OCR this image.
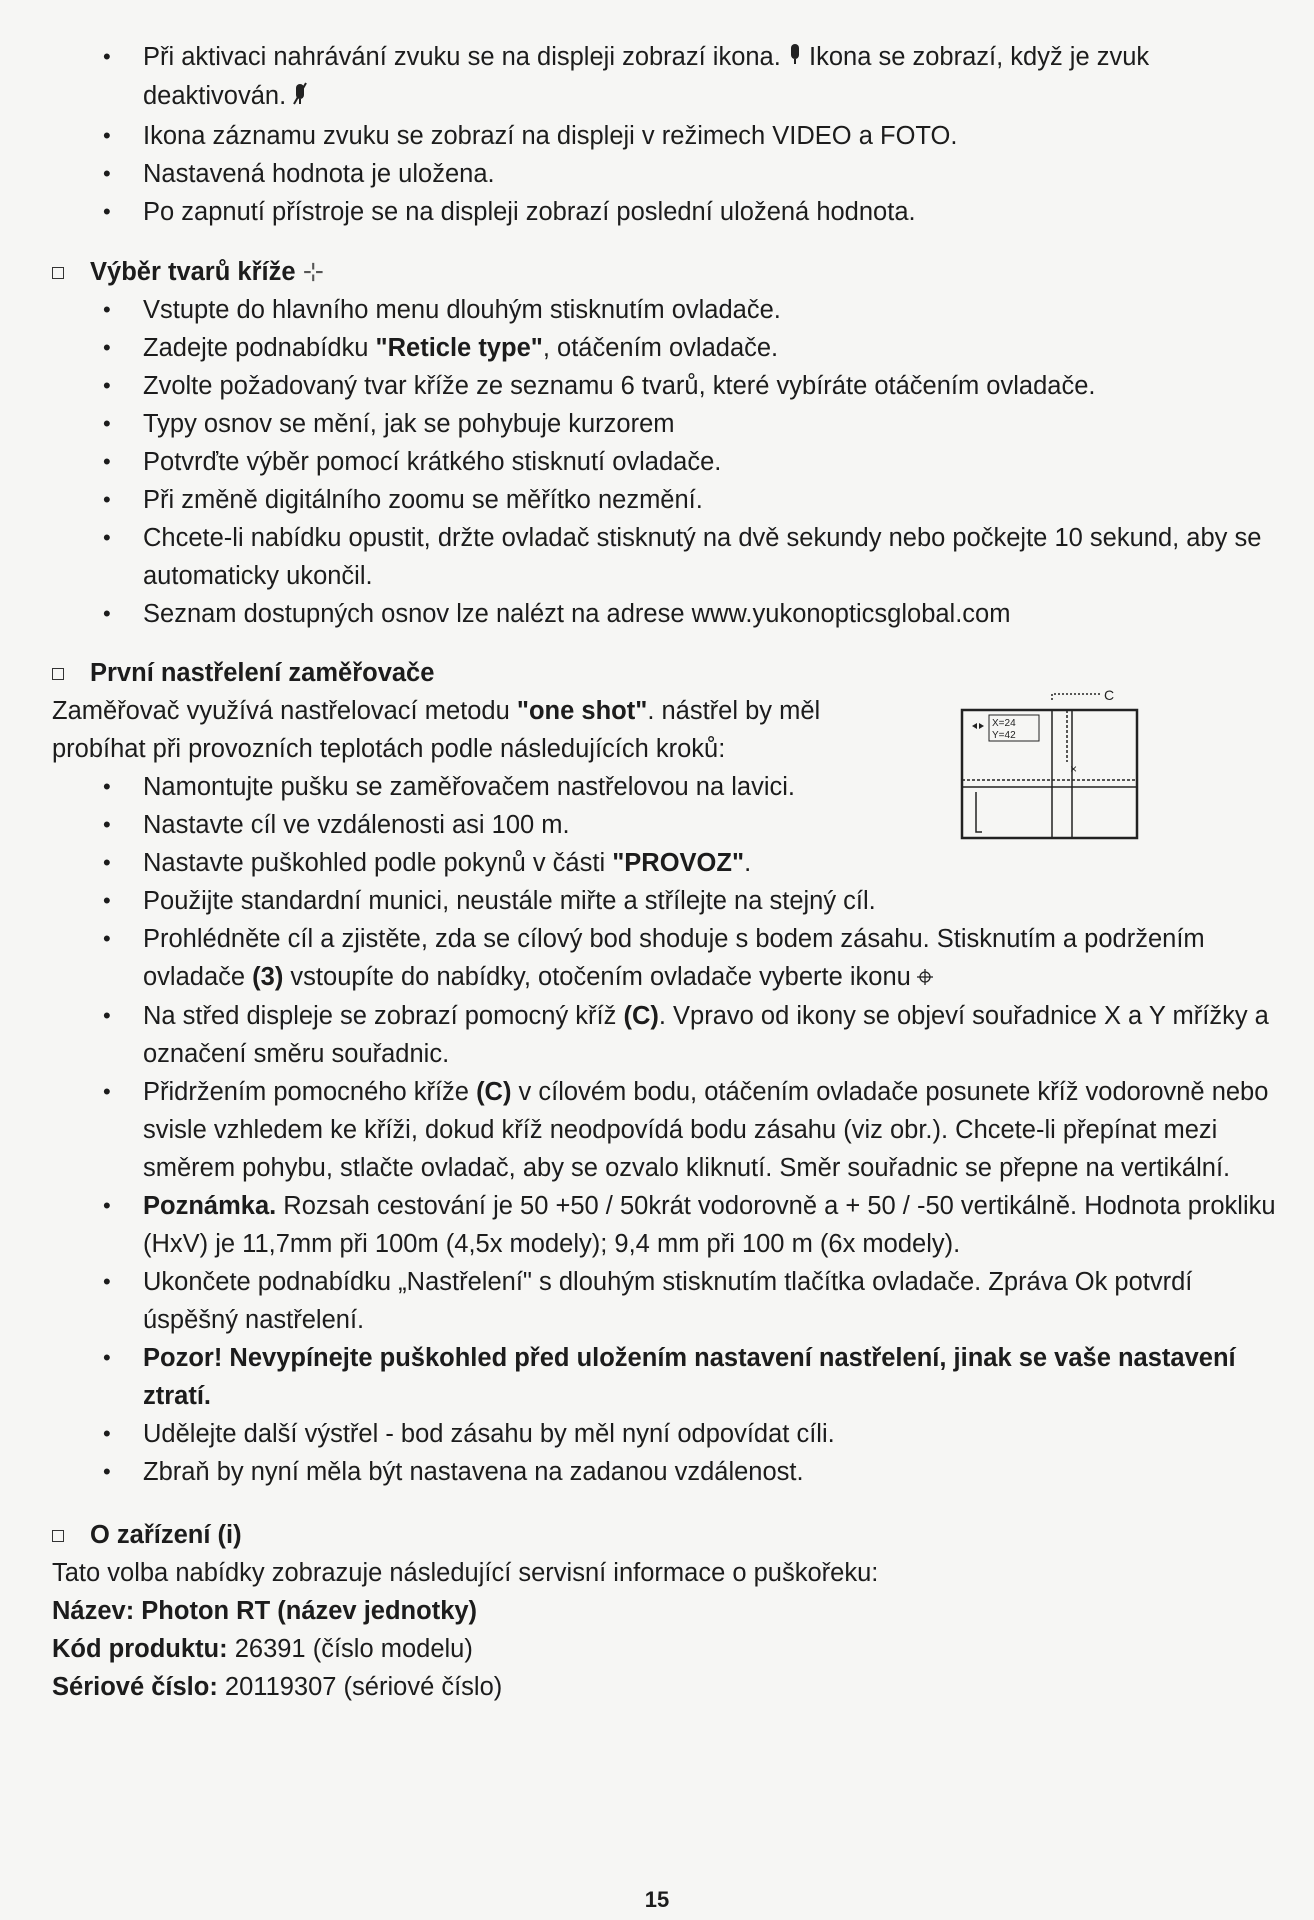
• Při aktivaci nahrávání zvuku se na displeji zobrazí ikona.  Ikona se zobrazí, když je zvuk deaktivován.
• Ikona záznamu zvuku se zobrazí na displeji v režimech VIDEO a FOTO.
• Nastavená hodnota je uložena.
• Po zapnutí přístroje se na displeji zobrazí poslední uložená hodnota.
Výběr tvarů kříže ⊹
• Vstupte do hlavního menu dlouhým stisknutím ovladače.
• Zadejte podnabídku "Reticle type", otáčením ovladače.
• Zvolte požadovaný tvar kříže ze seznamu 6 tvarů, které vybíráte otáčením ovladače.
• Typy osnov se mění, jak se pohybuje kurzorem
• Potvrďte výběr pomocí krátkého stisknutí ovladače.
• Při změně digitálního zoomu se měřítko nezmění.
• Chcete-li nabídku opustit, držte ovladač stisknutý na dvě sekundy nebo počkejte 10 sekund, aby se automaticky ukončil.
• Seznam dostupných osnov lze nalézt na adrese www.yukonopticsglobal.com
První nastřelení zaměřovače
Zaměřovač využívá nastřelovací metodu "one shot". nástřel by měl
probíhat při provozních teplotách podle následujících kroků:
C
X=24
Y=42
×
• Namontujte pušku se zaměřovačem nastřelovou na lavici.
• Nastavte cíl ve vzdálenosti asi 100 m.
• Nastavte puškohled podle pokynů v části "PROVOZ".
• Použijte standardní munici, neustále miřte a střílejte na stejný cíl.
• Prohlédněte cíl a zjistěte, zda se cílový bod shoduje s bodem zásahu. Stisknutím a podržením ovladače (3) vstoupíte do nabídky, otočením ovladače vyberte ikonu
• Na střed displeje se zobrazí pomocný kříž (C). Vpravo od ikony se objeví souřadnice X a Y mřížky a označení směru souřadnic.
• Přidržením pomocného kříže (C) v cílovém bodu, otáčením ovladače posunete kříž vodorovně nebo svisle vzhledem ke kříži, dokud kříž neodpovídá bodu zásahu (viz obr.). Chcete-li přepínat mezi směrem pohybu, stlačte ovladač, aby se ozvalo kliknutí. Směr souřadnic se přepne na vertikální.
• Poznámka. Rozsah cestování je 50 +50 / 50krát vodorovně a + 50 / -50 vertikálně. Hodnota prokliku (HxV) je 11,7mm při 100m (4,5x modely); 9,4 mm při 100 m (6x modely).
• Ukončete podnabídku „Nastřelení" s dlouhým stisknutím tlačítka ovladače. Zpráva Ok potvrdí úspěšný nastřelení.
• Pozor! Nevypínejte puškohled před uložením nastavení nastřelení, jinak se vaše nastavení ztratí.
• Udělejte další výstřel - bod zásahu by měl nyní odpovídat cíli.
• Zbraň by nyní měla být nastavena na zadanou vzdálenost.
O zařízení (i)
Tato volba nabídky zobrazuje následující servisní informace o puškořeku:
Název: Photon RT (název jednotky)
Kód produktu: 26391 (číslo modelu)
Sériové číslo: 20119307 (sériové číslo)
15
